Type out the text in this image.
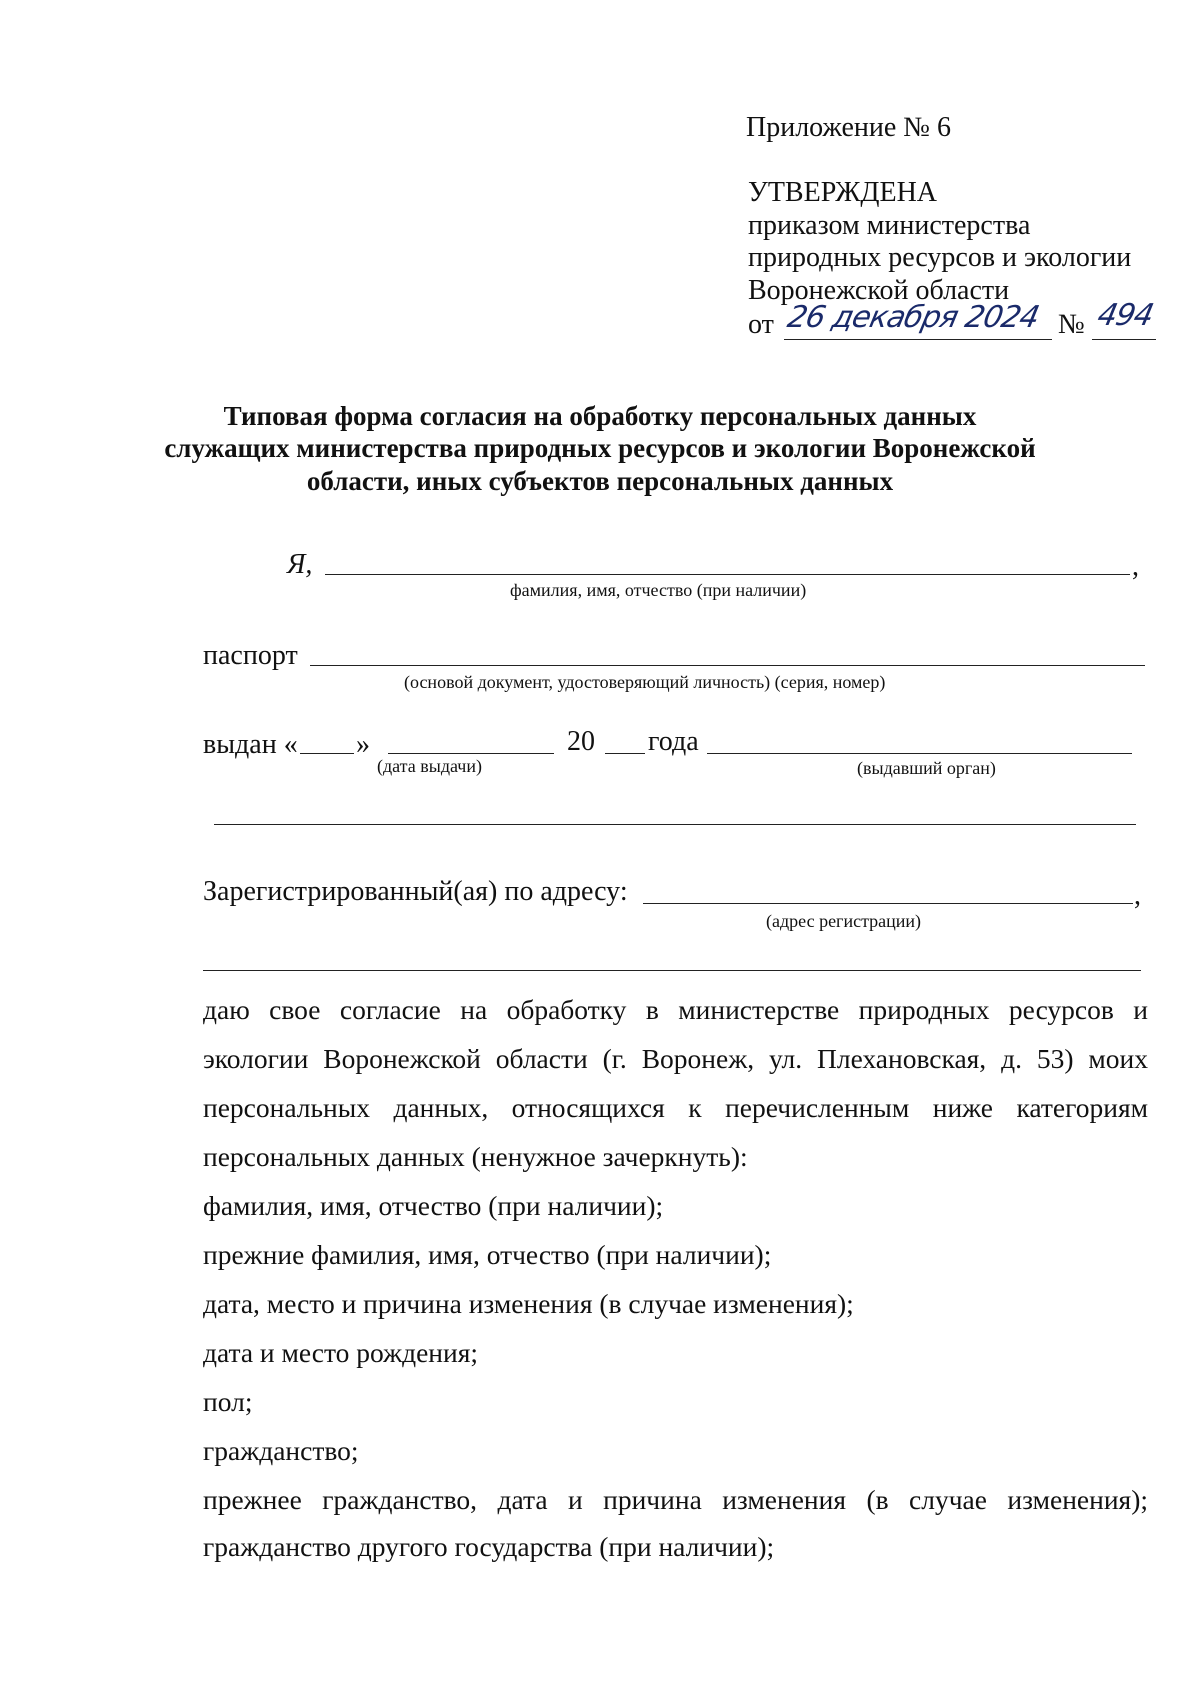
Приложение № 6
УТВЕРЖДЕНА
приказом министерства
природных ресурсов и экологии
Воронежской области
от 26 декабря 2024 № 494
Типовая форма согласия на обработку персональных данных
служащих министерства природных ресурсов и экологии Воронежской
области, иных субъектов персональных данных
Я,	,
фамилия, имя, отчество (при наличии)
паспорт
(основой документ, удостоверяющий личность) (серия, номер)
выдан « »	20 года
(дата выдачи)	(выдавший орган)
Зарегистрированный(ая) по адресу:	,
(адрес регистрации)
даю свое согласие на обработку в министерстве природных ресурсов и
экологии Воронежской области (г. Воронеж, ул. Плехановская, д. 53) моих
персональных данных, относящихся к перечисленным ниже категориям
персональных данных (ненужное зачеркнуть):
фамилия, имя, отчество (при наличии);
прежние фамилия, имя, отчество (при наличии);
дата, место и причина изменения (в случае изменения);
дата и место рождения;
пол;
гражданство;
прежнее гражданство, дата и причина изменения (в случае изменения);
гражданство другого государства (при наличии);
